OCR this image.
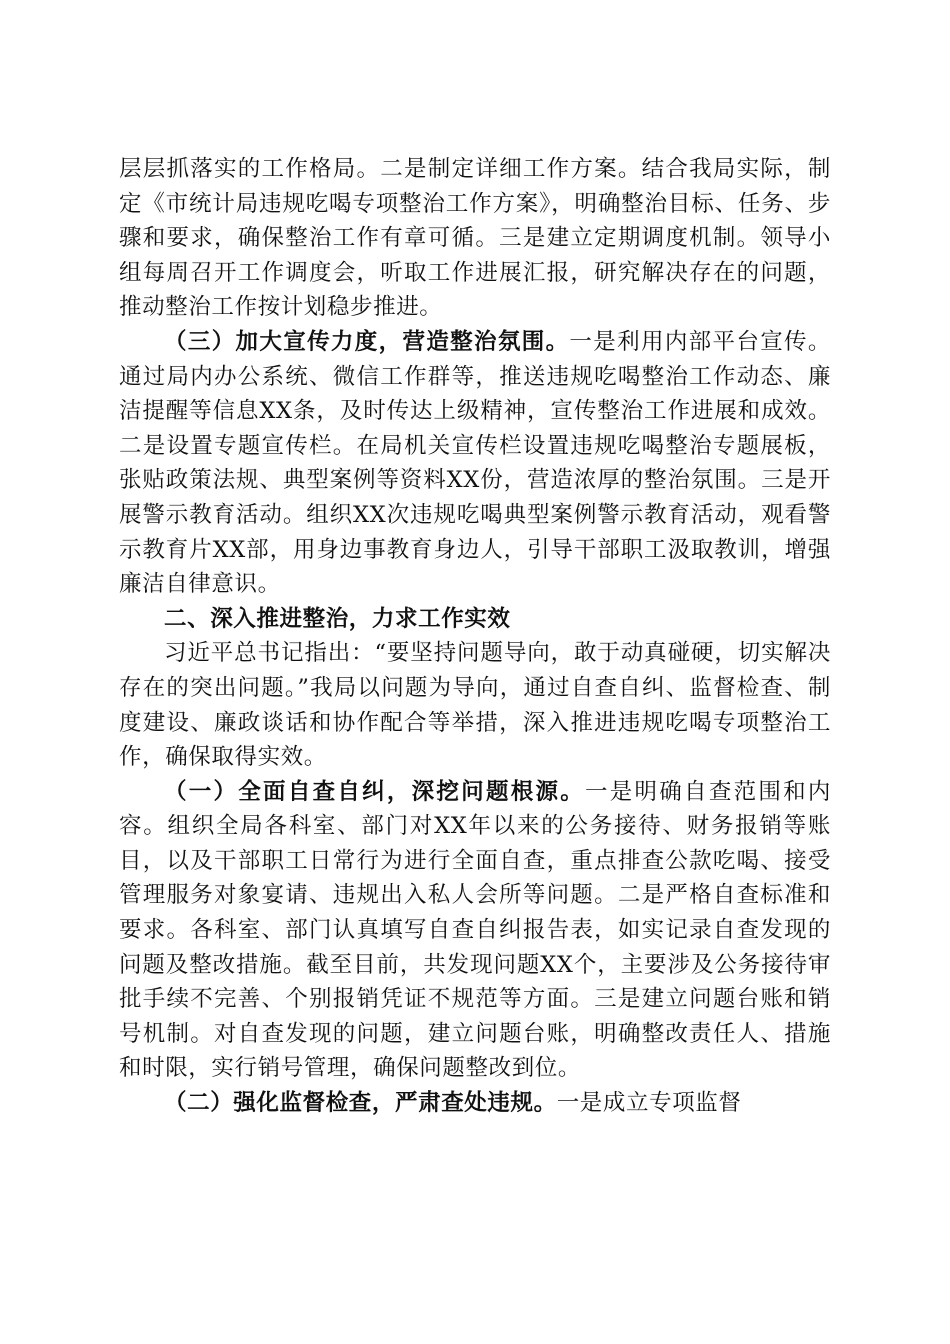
层层抓落实的工作格局。二是制定详细工作方案。结合我局实际，制定《市统计局违规吃喝专项整治工作方案》，明确整治目标、任务、步骤和要求，确保整治工作有章可循。三是建立定期调度机制。领导小组每周召开工作调度会，听取工作进展汇报，研究解决存在的问题，推动整治工作按计划稳步推进。

（三）加大宣传力度，营造整治氛围。一是利用内部平台宣传。通过局内办公系统、微信工作群等，推送违规吃喝整治工作动态、廉洁提醒等信息XX条，及时传达上级精神，宣传整治工作进展和成效。二是设置专题宣传栏。在局机关宣传栏设置违规吃喝整治专题展板，张贴政策法规、典型案例等资料XX份，营造浓厚的整治氛围。三是开展警示教育活动。组织XX次违规吃喝典型案例警示教育活动，观看警示教育片XX部，用身边事教育身边人，引导干部职工汲取教训，增强廉洁自律意识。

二、深入推进整治，力求工作实效

习近平总书记指出：“要坚持问题导向，敢于动真碰硬，切实解决存在的突出问题。”我局以问题为导向，通过自查自纠、监督检查、制度建设、廉政谈话和协作配合等举措，深入推进违规吃喝专项整治工作，确保取得实效。

（一）全面自查自纠，深挖问题根源。一是明确自查范围和内容。组织全局各科室、部门对XX年以来的公务接待、财务报销等账目，以及干部职工日常行为进行全面自查，重点排查公款吃喝、接受管理服务对象宴请、违规出入私人会所等问题。二是严格自查标准和要求。各科室、部门认真填写自查自纠报告表，如实记录自查发现的问题及整改措施。截至目前，共发现问题XX个，主要涉及公务接待审批手续不完善、个别报销凭证不规范等方面。三是建立问题台账和销号机制。对自查发现的问题，建立问题台账，明确整改责任人、措施和时限，实行销号管理，确保问题整改到位。

（二）强化监督检查，严肃查处违规。一是成立专项监督
